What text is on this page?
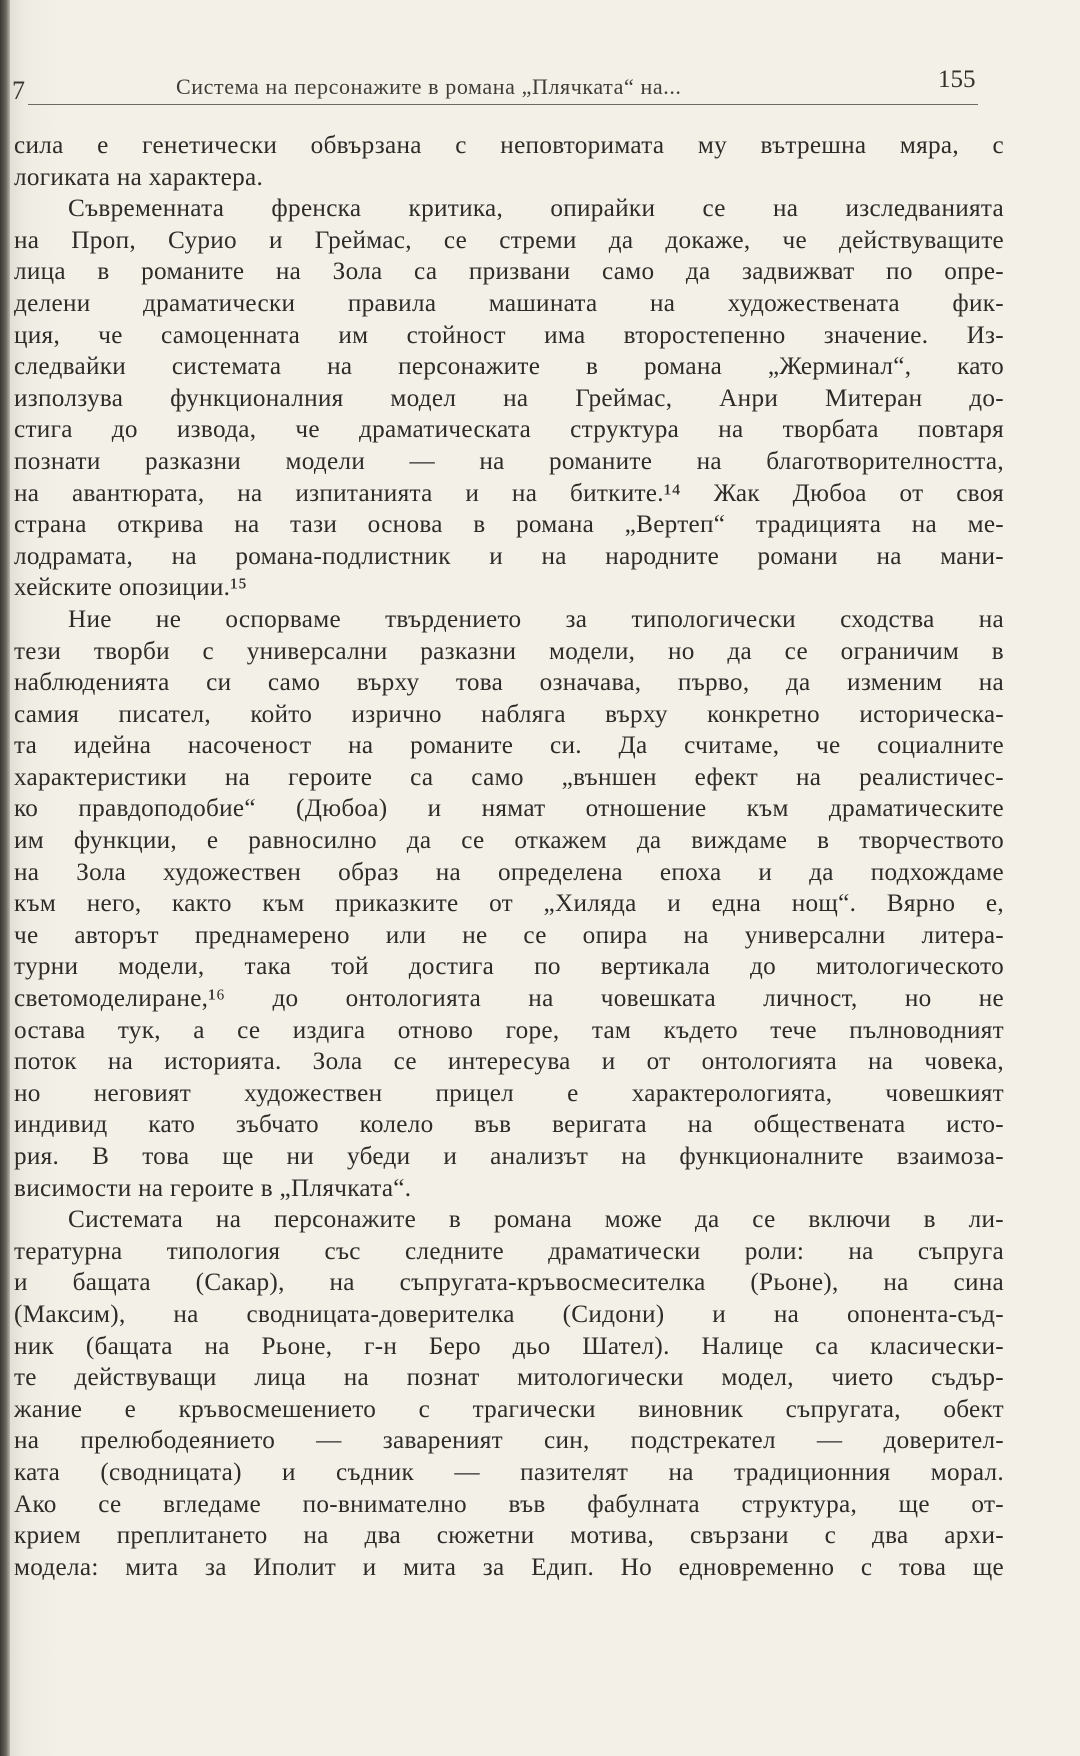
7	Система на персонажите в романа „Плячката“ на...	155
сила е генетически обвързана с неповторимата му вътрешна мяра, с
логиката на характера.
Съвременната френска критика, опирайки се на изследванията
на Проп, Сурио и Греймас, се стреми да докаже, че действуващите
лица в романите на Зола са призвани само да задвижват по опре-
делени драматически правила машината на художествената фик-
ция, че самоценната им стойност има второстепенно значение. Из-
следвайки системата на персонажите в романа „Жерминал“, като
използува функционалния модел на Греймас, Анри Митеран до-
стига до извода, че драматическата структура на творбата повтаря
познати разказни модели — на романите на благотворителността,
на авантюрата, на изпитанията и на битките.¹⁴ Жак Дюбоа от своя
страна открива на тази основа в романа „Вертеп“ традицията на ме-
лодрамата, на романа-подлистник и на народните романи на мани-
хейските опозиции.¹⁵
Ние не оспорваме твърдението за типологически сходства на
тези творби с универсални разказни модели, но да се ограничим в
наблюденията си само върху това означава, първо, да изменим на
самия писател, който изрично набляга върху конкретно историческа-
та идейна насоченост на романите си. Да считаме, че социалните
характеристики на героите са само „външен ефект на реалистичес-
ко правдоподобие“ (Дюбоа) и нямат отношение към драматическите
им функции, е равносилно да се откажем да виждаме в творчеството
на Зола художествен образ на определена епоха и да подхождаме
към него, както към приказките от „Хиляда и една нощ“. Вярно е,
че авторът преднамерено или не се опира на универсални литера-
турни модели, така той достига по вертикала до митологическото
светомоделиране,¹⁶ до онтологията на човешката личност, но не
остава тук, а се издига отново горе, там където тече пълноводният
поток на историята. Зола се интересува и от онтологията на човека,
но неговият художествен прицел е характерологията, човешкият
индивид като зъбчато колело във веригата на обществената исто-
рия. В това ще ни убеди и анализът на функционалните взаимоза-
висимости на героите в „Плячката“.
Системата на персонажите в романа може да се включи в ли-
тературна типология със следните драматически роли: на съпруга
и бащата (Сакар), на съпругата-кръвосмесителка (Рьоне), на сина
(Максим), на сводницата-доверителка (Сидони) и на опонента-съд-
ник (бащата на Рьоне, г-н Беро дьо Шател). Налице са класически-
те действуващи лица на познат митологически модел, чието съдър-
жание е кръвосмешението с трагически виновник съпругата, обект
на прелюбодеянието — завареният син, подстрекател — доверител-
ката (сводницата) и съдник — пазителят на традиционния морал.
Ако се вгледаме по-внимателно във фабулната структура, ще от-
крием преплитането на два сюжетни мотива, свързани с два архи-
модела: мита за Иполит и мита за Едип. Но едновременно с това ще
